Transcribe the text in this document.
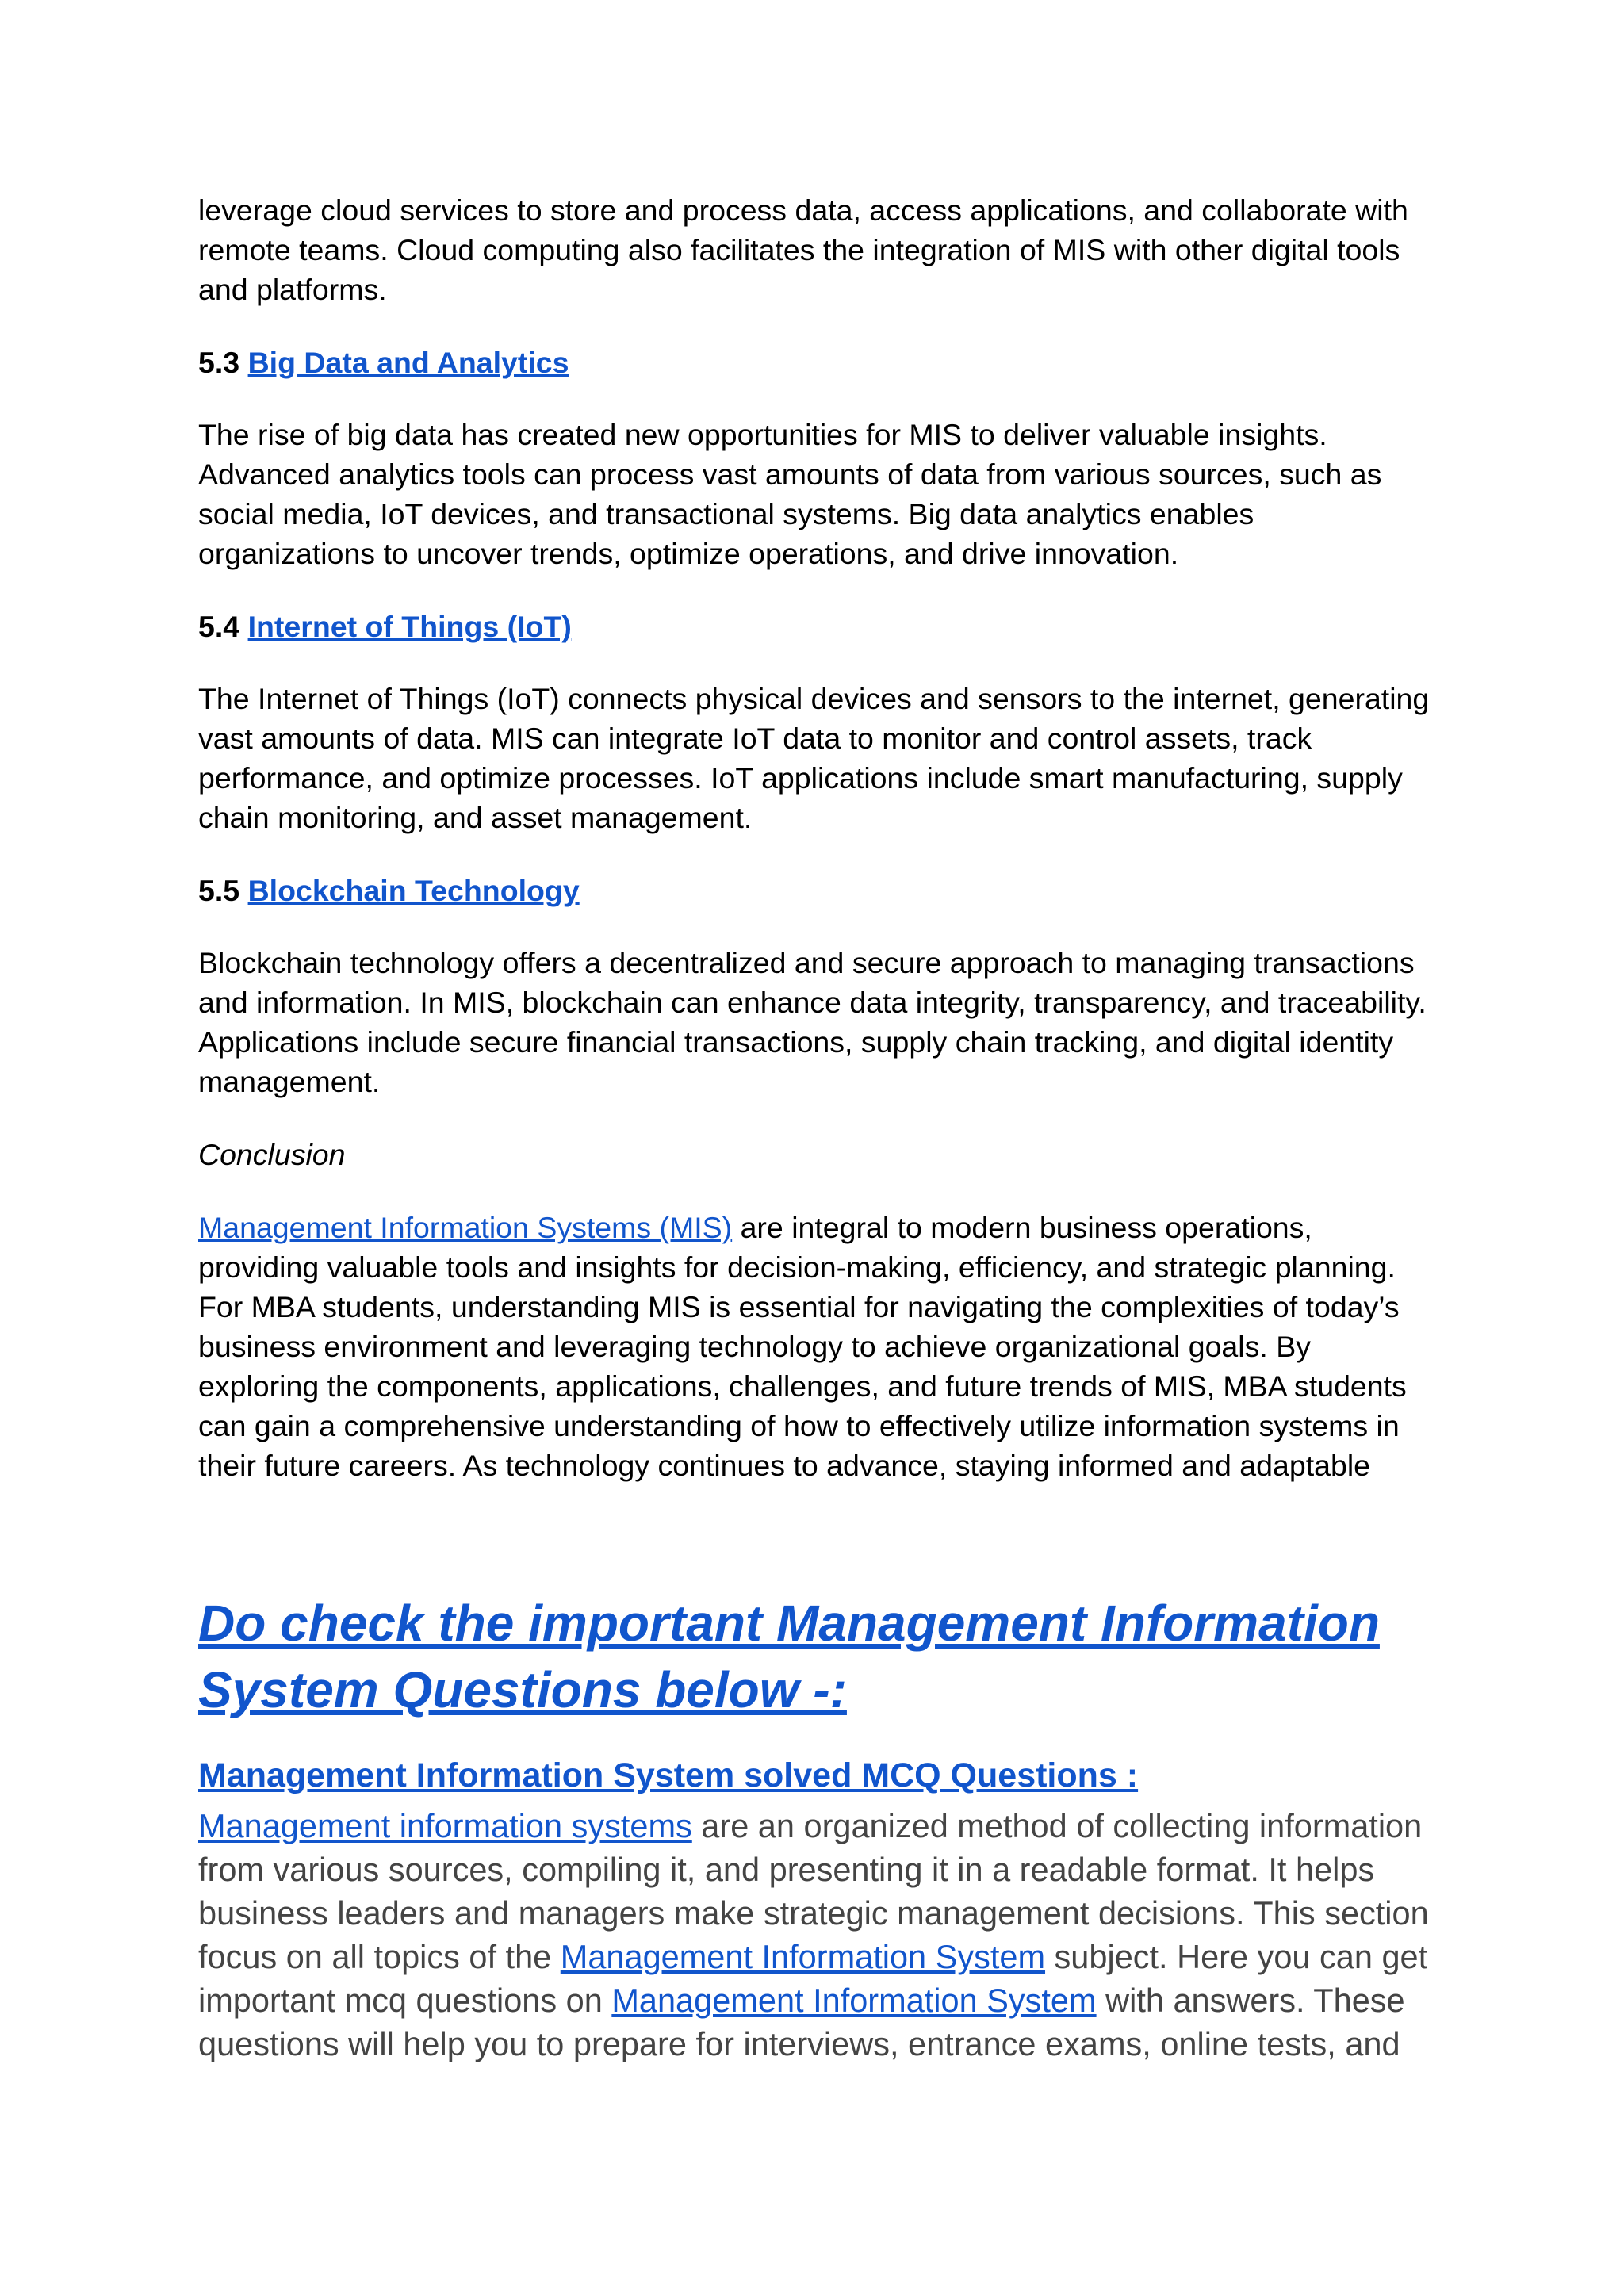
leverage cloud services to store and process data, access applications, and collaborate with remote teams. Cloud computing also facilitates the integration of MIS with other digital tools and platforms.

5.3 Big Data and Analytics

The rise of big data has created new opportunities for MIS to deliver valuable insights. Advanced analytics tools can process vast amounts of data from various sources, such as social media, IoT devices, and transactional systems. Big data analytics enables organizations to uncover trends, optimize operations, and drive innovation.

5.4 Internet of Things (IoT)

The Internet of Things (IoT) connects physical devices and sensors to the internet, generating vast amounts of data. MIS can integrate IoT data to monitor and control assets, track performance, and optimize processes. IoT applications include smart manufacturing, supply chain monitoring, and asset management.

5.5 Blockchain Technology

Blockchain technology offers a decentralized and secure approach to managing transactions and information. In MIS, blockchain can enhance data integrity, transparency, and traceability. Applications include secure financial transactions, supply chain tracking, and digital identity management.

Conclusion

Management Information Systems (MIS) are integral to modern business operations, providing valuable tools and insights for decision-making, efficiency, and strategic planning. For MBA students, understanding MIS is essential for navigating the complexities of today’s business environment and leveraging technology to achieve organizational goals. By exploring the components, applications, challenges, and future trends of MIS, MBA students can gain a comprehensive understanding of how to effectively utilize information systems in their future careers. As technology continues to advance, staying informed and adaptable

Do check the important Management Information System Questions below -:

Management Information System solved MCQ Questions :

Management information systems are an organized method of collecting information from various sources, compiling it, and presenting it in a readable format. It helps business leaders and managers make strategic management decisions. This section focus on all topics of the Management Information System subject. Here you can get important mcq questions on Management Information System with answers. These questions will help you to prepare for interviews, entrance exams, online tests, and
